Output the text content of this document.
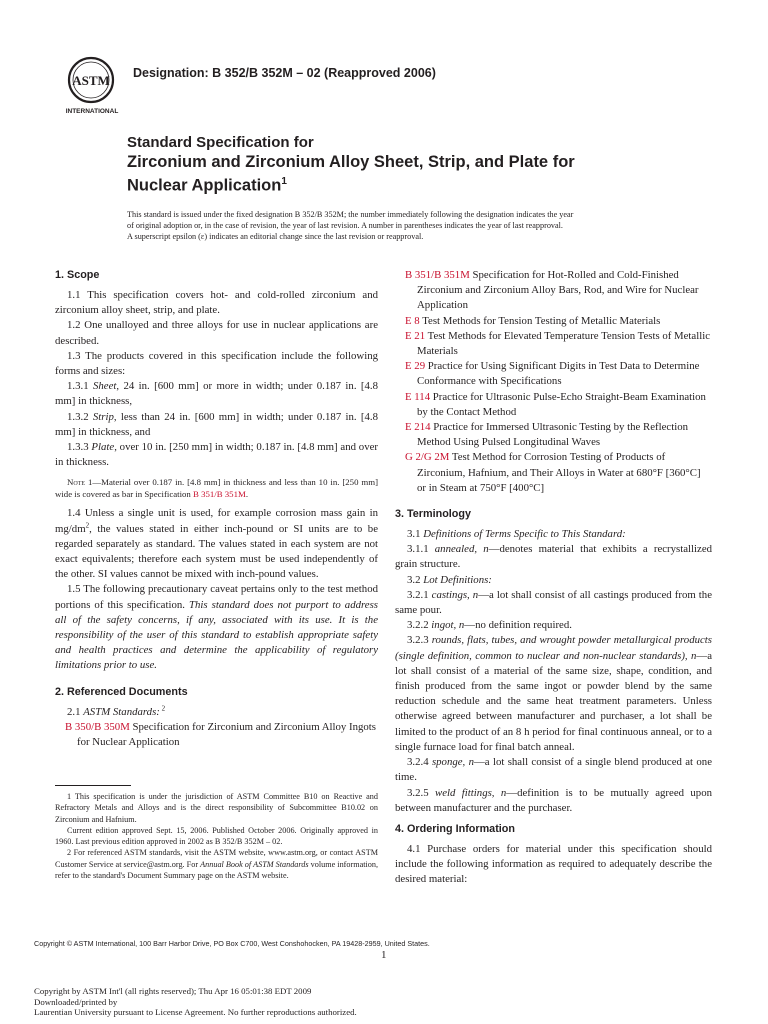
ASTM
INTERNATIONAL
Designation: B 352/B 352M – 02 (Reapproved 2006)
Standard Specification for
Zirconium and Zirconium Alloy Sheet, Strip, and Plate for
Nuclear Application$^1$
This standard is issued under the fixed designation B 352/B 352M; the number immediately following the designation indicates the year
of original adoption or, in the case of revision, the year of last revision. A number in parentheses indicates the year of last reapproval.
A superscript epsilon (ε) indicates an editorial change since the last revision or reapproval.
1. Scope

1.1 This specification covers hot- and cold-rolled zirconium and zirconium alloy sheet, strip, and plate.

1.2 One unalloyed and three alloys for use in nuclear applications are described.

1.3 The products covered in this specification include the following forms and sizes:

1.3.1 Sheet, 24 in. [600 mm] or more in width; under 0.187 in. [4.8 mm] in thickness,

1.3.2 Strip, less than 24 in. [600 mm] in width; under 0.187 in. [4.8 mm] in thickness, and

1.3.3 Plate, over 10 in. [250 mm] in width; 0.187 in. [4.8 mm] and over in thickness.

Note 1—Material over 0.187 in. [4.8 mm] in thickness and less than 10 in. [250 mm] wide is covered as bar in Specification B 351/B 351M.

1.4 Unless a single unit is used, for example corrosion mass gain in $mg/dm^2$, the values stated in either inch-pound or SI units are to be regarded separately as standard. The values stated in each system are not exact equivalents; therefore each system must be used independently of the other. SI values cannot be mixed with inch-pound values.

1.5 The following precautionary caveat pertains only to the test method portions of this specification. This standard does not purport to address all of the safety concerns, if any, associated with its use. It is the responsibility of the user of this standard to establish appropriate safety and health practices and determine the applicability of regulatory limitations prior to use.

2. Referenced Documents

2.1 ASTM Standards: $^2$

B 350/B 350M Specification for Zirconium and Zirconium Alloy Ingots for Nuclear Application

1 This specification is under the jurisdiction of ASTM Committee B10 on Reactive and Refractory Metals and Alloys and is the direct responsibility of Subcommittee B10.02 on Zirconium and Hafnium.

Current edition approved Sept. 15, 2006. Published October 2006. Originally approved in 1960. Last previous edition approved in 2002 as B 352/B 352M – 02.

2 For referenced ASTM standards, visit the ASTM website, www.astm.org, or contact ASTM Customer Service at service@astm.org. For Annual Book of ASTM Standards volume information, refer to the standard's Document Summary page on the ASTM website.

B 351/B 351M Specification for Hot-Rolled and Cold-Finished Zirconium and Zirconium Alloy Bars, Rod, and Wire for Nuclear Application

E 8 Test Methods for Tension Testing of Metallic Materials

E 21 Test Methods for Elevated Temperature Tension Tests of Metallic Materials

E 29 Practice for Using Significant Digits in Test Data to Determine Conformance with Specifications

E 114 Practice for Ultrasonic Pulse-Echo Straight-Beam Examination by the Contact Method

E 214 Practice for Immersed Ultrasonic Testing by the Reflection Method Using Pulsed Longitudinal Waves

G 2/G 2M Test Method for Corrosion Testing of Products of Zirconium, Hafnium, and Their Alloys in Water at 680°F [360°C] or in Steam at 750°F [400°C]

3. Terminology

3.1 Definitions of Terms Specific to This Standard:

3.1.1 annealed, n—denotes material that exhibits a recrystallized grain structure.

3.2 Lot Definitions:

3.2.1 castings, n—a lot shall consist of all castings produced from the same pour.

3.2.2 ingot, n—no definition required.

3.2.3 rounds, flats, tubes, and wrought powder metallurgical products (single definition, common to nuclear and non-nuclear standards), n—a lot shall consist of a material of the same size, shape, condition, and finish produced from the same ingot or powder blend by the same reduction schedule and the same heat treatment parameters. Unless otherwise agreed between manufacturer and purchaser, a lot shall be limited to the product of an 8 h period for final continuous anneal, or to a single furnace load for final batch anneal.

3.2.4 sponge, n—a lot shall consist of a single blend produced at one time.

3.2.5 weld fittings, n—definition is to be mutually agreed upon between manufacturer and the purchaser.

4. Ordering Information

4.1 Purchase orders for material under this specification should include the following information as required to adequately describe the desired material:

Copyright © ASTM International, 100 Barr Harbor Drive, PO Box C700, West Conshohocken, PA 19428-2959, United States.
1
Copyright by ASTM Int'l (all rights reserved); Thu Apr 16 05:01:38 EDT 2009
Downloaded/printed by
Laurentian University pursuant to License Agreement. No further reproductions authorized.
